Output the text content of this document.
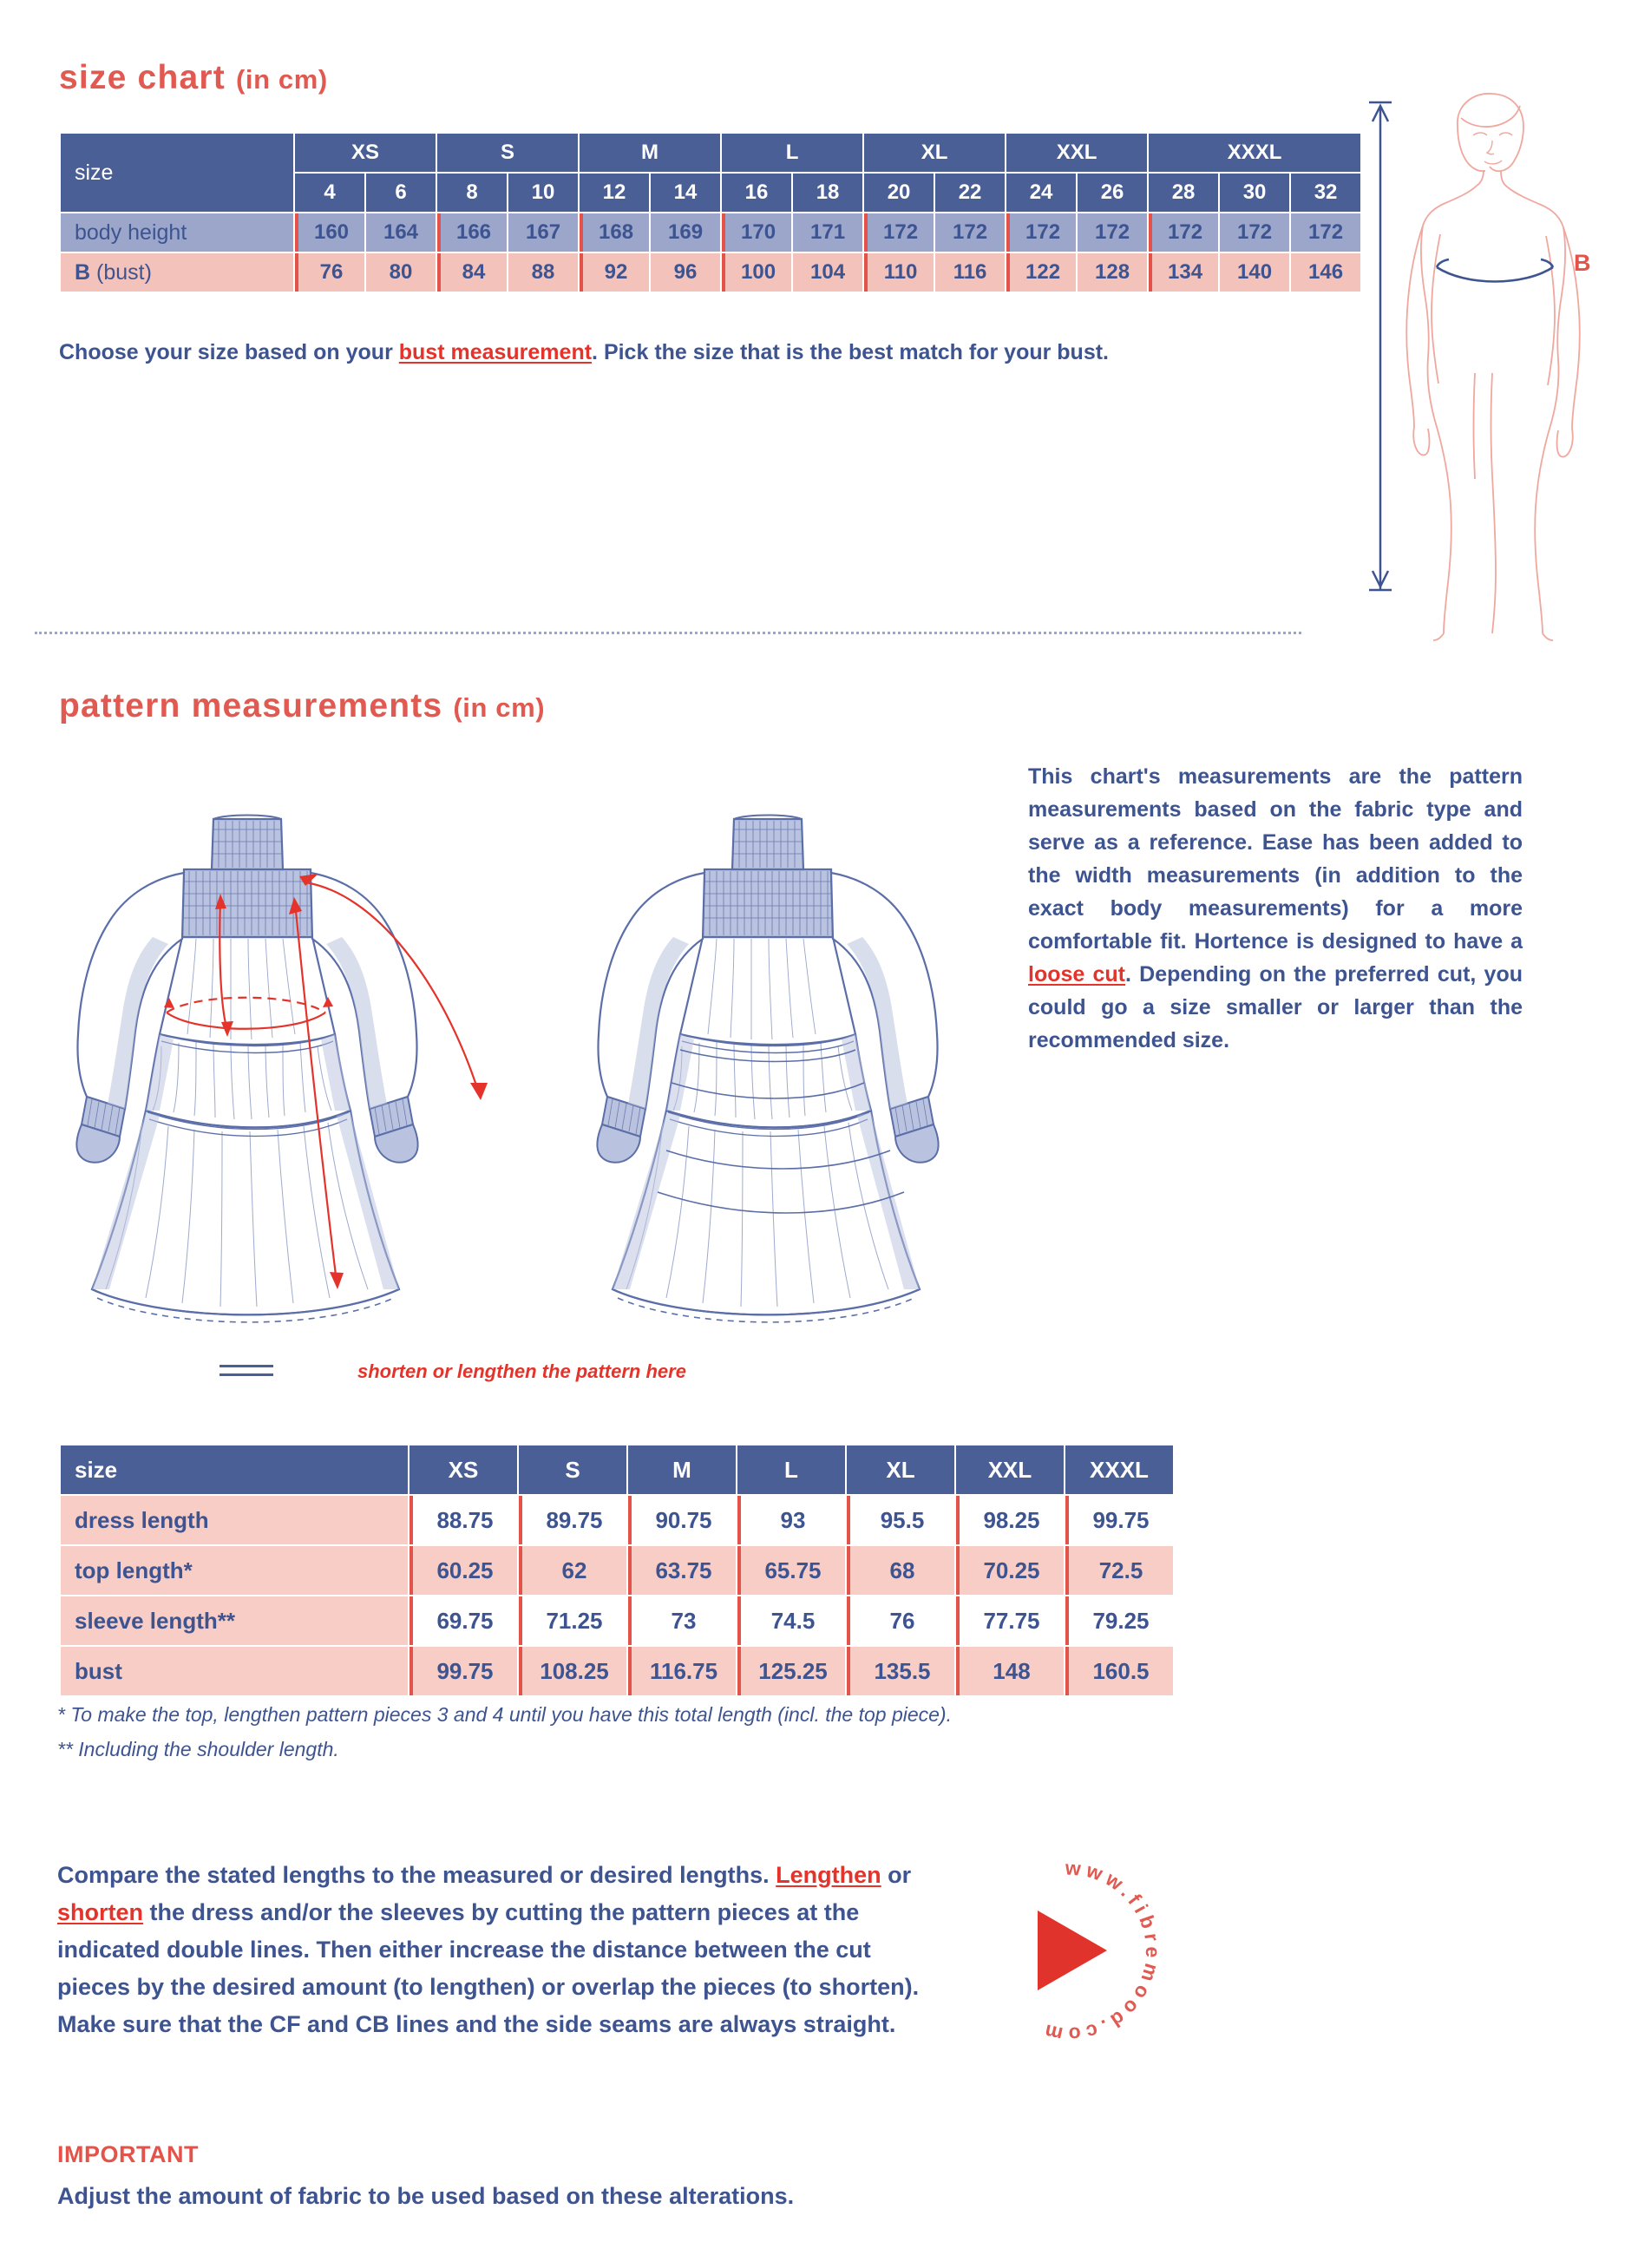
size chart (in cm)
size	XS		S		M		L		XL		XXL		XXXL		
	4	6	8	10	12	14	16	18	20	22	24	26	28	30	32
body height	160	164	166	167	168	169	170	171	172	172	172	172	172	172	172
B (bust)	76	80	84	88	92	96	100	104	110	116	122	128	134	140	146
Choose your size based on your bust measurement. Pick the size that is the best match for your bust.
B
pattern measurements (in cm)
This chart's measurements are the pattern measurements based on the fabric type and serve as a reference. Ease has been added to the width measurements (in addition to the exact body measurements) for a more comfortable fit. Hortence is designed to have a loose cut. Depending on the preferred cut, you could go a size smaller or larger than the recommended size.
shorten or lengthen the pattern here
size	XS	S	M	L	XL	XXL	XXXL
dress length	88.75	89.75	90.75	93	95.5	98.25	99.75
top length*	60.25	62	63.75	65.75	68	70.25	72.5
sleeve length**	69.75	71.25	73	74.5	76	77.75	79.25
bust	99.75	108.25	116.75	125.25	135.5	148	160.5
* To make the top, lengthen pattern pieces 3 and 4 until you have this total length (incl. the top piece).
** Including the shoulder length.
Compare the stated lengths to the measured or desired lengths. Lengthen or shorten the dress and/or the sleeves by cutting the pattern pieces at the indicated double lines. Then either increase the distance between the cut pieces by the desired amount (to lengthen) or overlap the pieces (to shorten). Make sure that the CF and CB lines and the side seams are always straight.
www.fibremood.com
IMPORTANT
Adjust the amount of fabric to be used based on these alterations.
